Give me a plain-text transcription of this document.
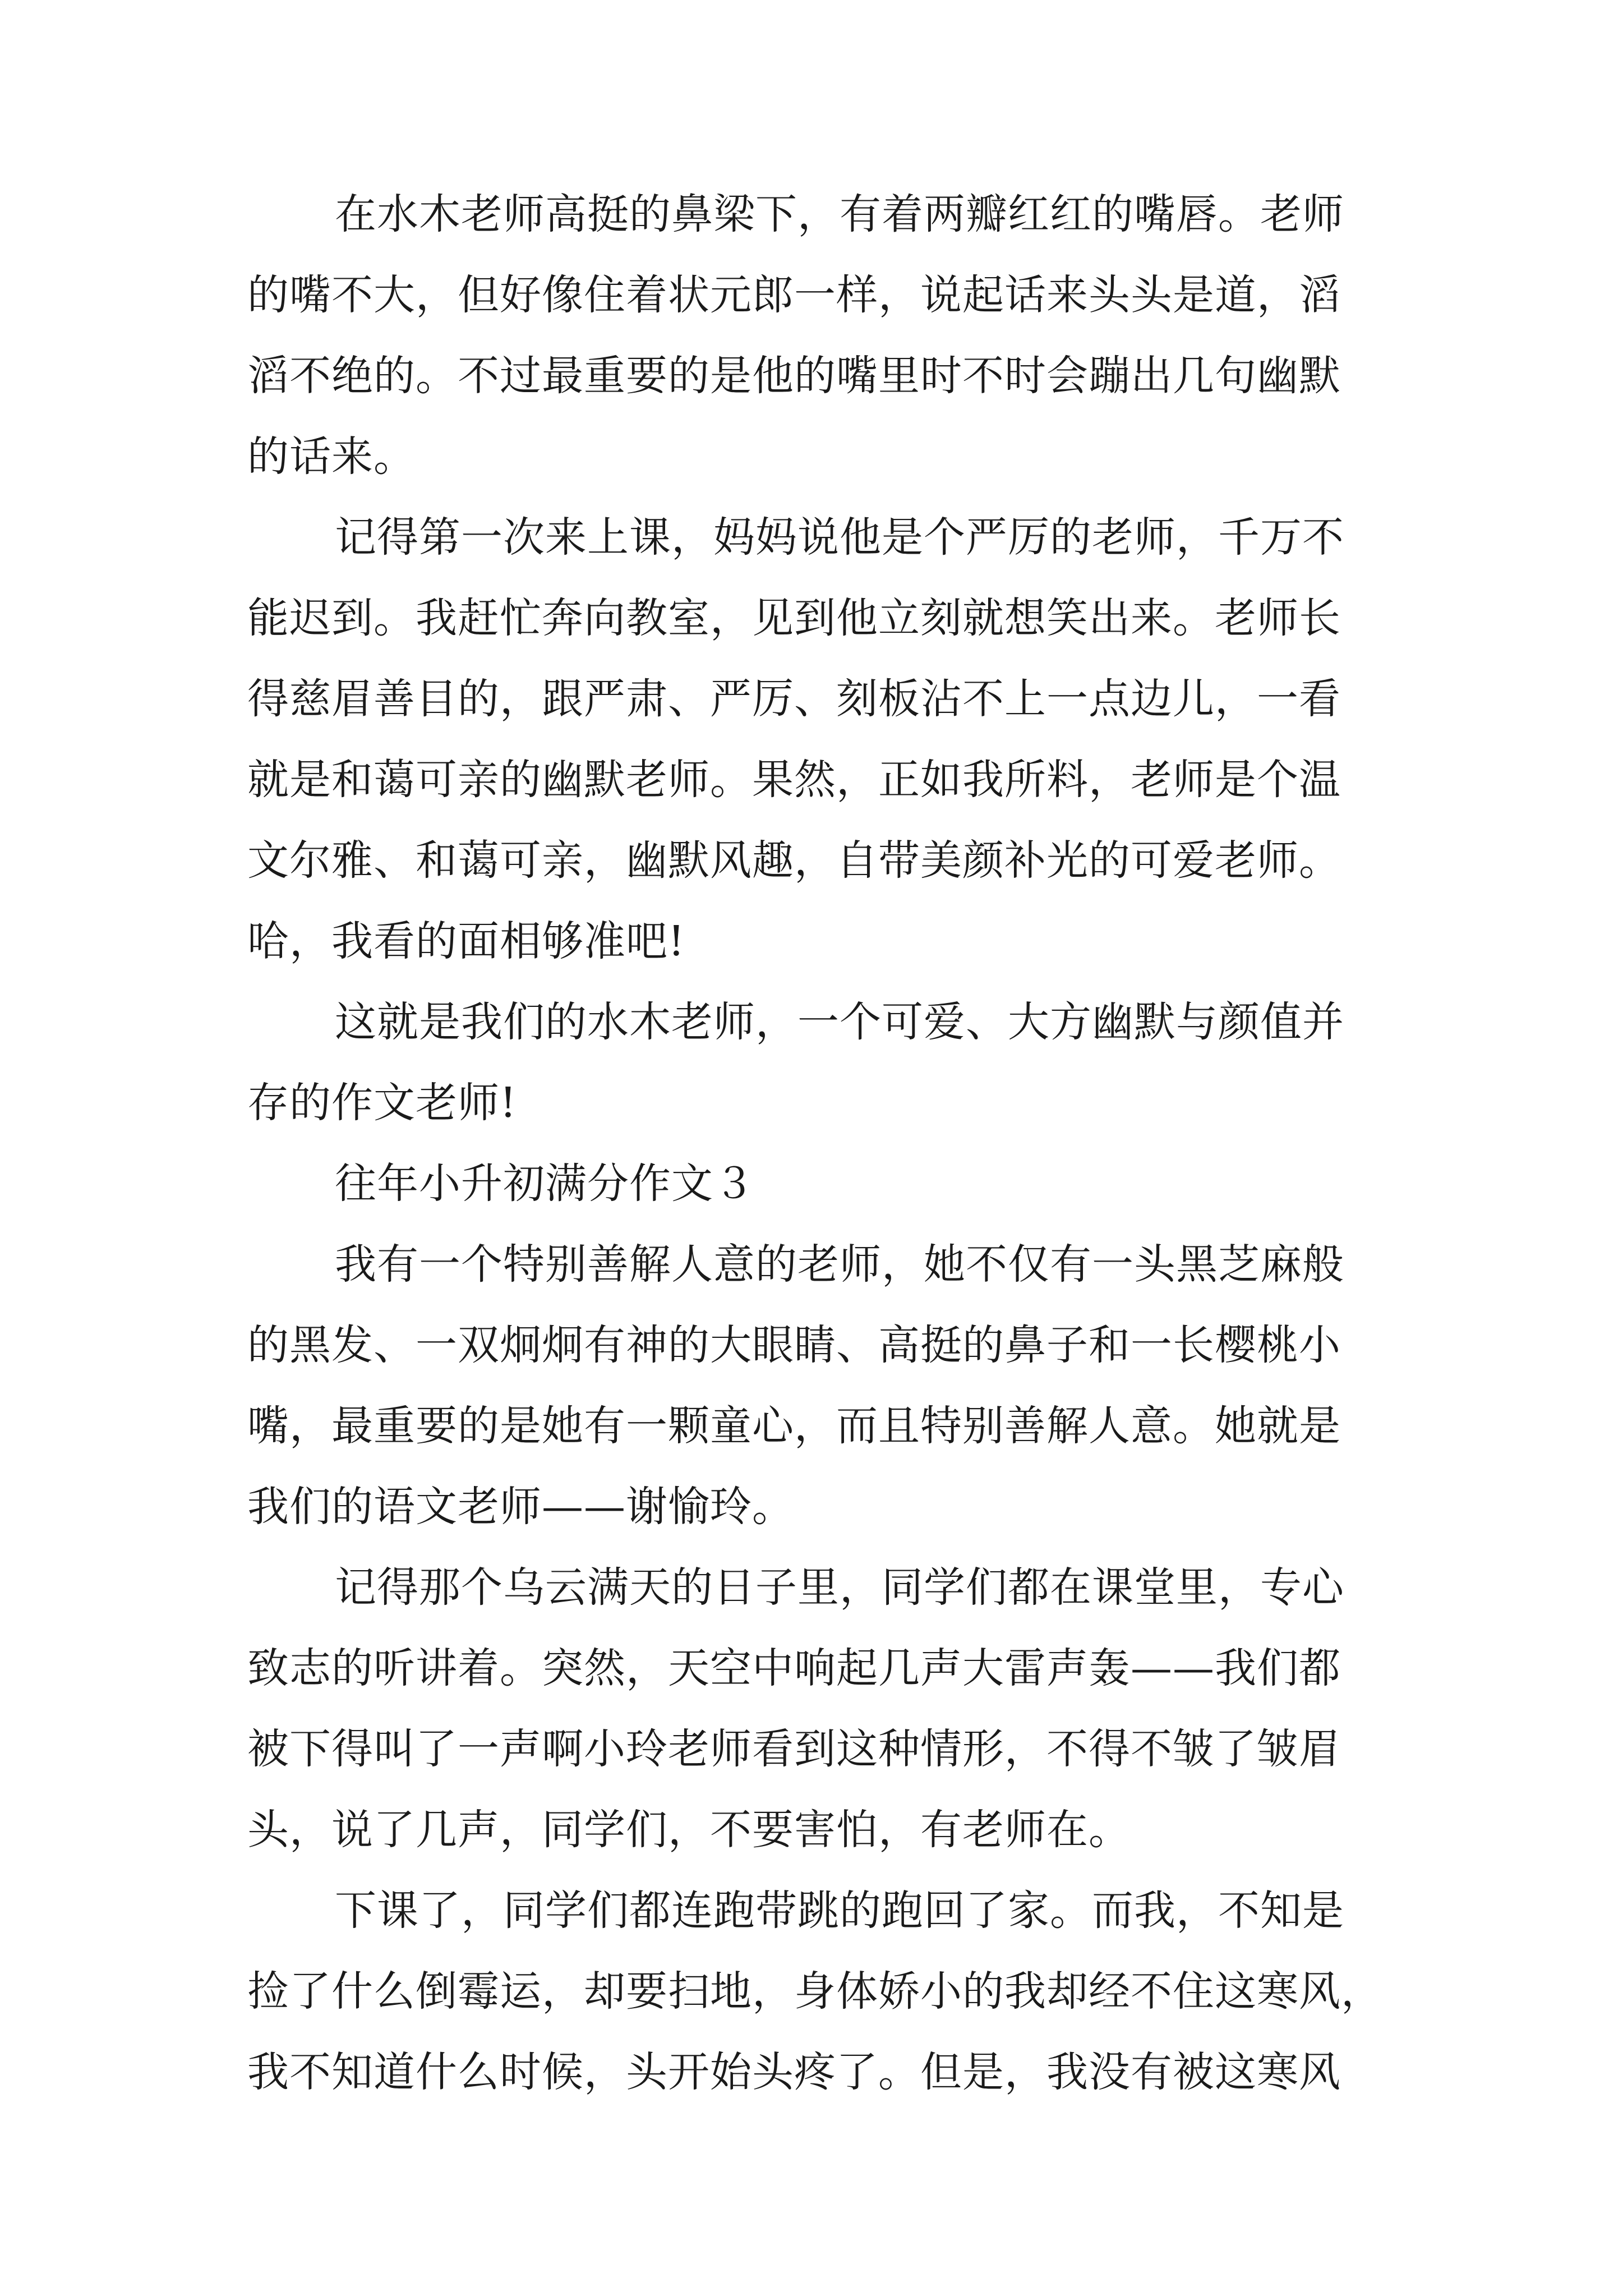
在水木老师高挺的鼻梁下，有着两瓣红红的嘴唇。老师
的嘴不大，但好像住着状元郎一样，说起话来头头是道，滔
滔不绝的。不过最重要的是他的嘴里时不时会蹦出几句幽默
的话来。
记得第一次来上课，妈妈说他是个严厉的老师，千万不
能迟到。我赶忙奔向教室，见到他立刻就想笑出来。老师长
得慈眉善目的，跟严肃、严厉、刻板沾不上一点边儿，一看
就是和蔼可亲的幽默老师。果然，正如我所料，老师是个温
文尔雅、和蔼可亲，幽默风趣，自带美颜补光的可爱老师。
哈，我看的面相够准吧!
这就是我们的水木老师，一个可爱、大方幽默与颜值并
存的作文老师!
往年小升初满分作文３
我有一个特别善解人意的老师，她不仅有一头黑芝麻般
的黑发、一双炯炯有神的大眼睛、高挺的鼻子和一长樱桃小
嘴，最重要的是她有一颗童心，而且特别善解人意。她就是
我们的语文老师——谢愉玲。
记得那个乌云满天的日子里，同学们都在课堂里，专心
致志的听讲着。突然，天空中响起几声大雷声轰——我们都
被下得叫了一声啊小玲老师看到这种情形，不得不皱了皱眉
头，说了几声，同学们，不要害怕，有老师在。
下课了，同学们都连跑带跳的跑回了家。而我，不知是
捡了什么倒霉运，却要扫地，身体娇小的我却经不住这寒风，
我不知道什么时候，头开始头疼了。但是，我没有被这寒风
